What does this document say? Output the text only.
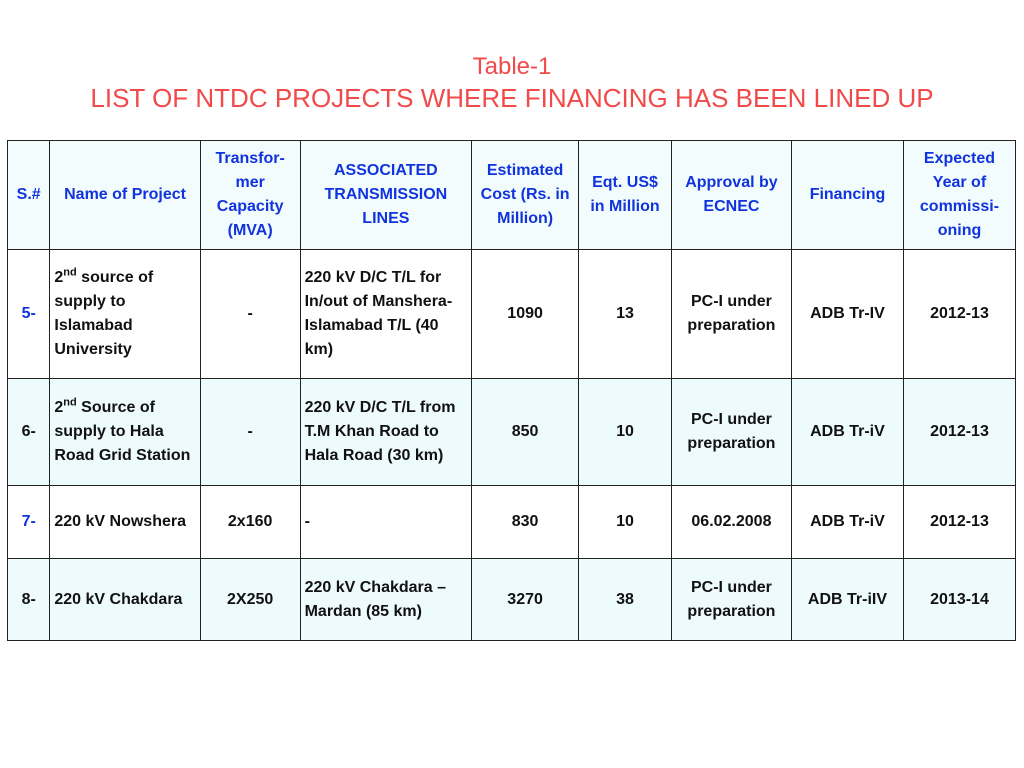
Table-1
LIST OF NTDC PROJECTS WHERE FINANCING HAS BEEN LINED UP
S.#	Name of Project	Transfor-mer Capacity (MVA)	ASSOCIATED TRANSMISSION LINES	Estimated Cost (Rs. in Million)	Eqt. US$ in Million	Approval by ECNEC	Financing	Expected Year of commissi-oning
5-	2nd source of supply to Islamabad University	-	220 kV D/C T/L for In/out of Manshera-Islamabad T/L (40 km)	1090	13	PC-I under preparation	ADB Tr-IV	2012-13
6-	2nd Source of supply to Hala Road Grid Station	-	220 kV D/C T/L from T.M Khan Road to Hala Road (30 km)	850	10	PC-I under preparation	ADB Tr-iV	2012-13
7-	220 kV Nowshera	2x160	-	830	10	06.02.2008	ADB Tr-iV	2012-13
8-	220 kV Chakdara	2X250	220 kV Chakdara – Mardan (85 km)	3270	38	PC-I under preparation	ADB Tr-iIV	2013-14
